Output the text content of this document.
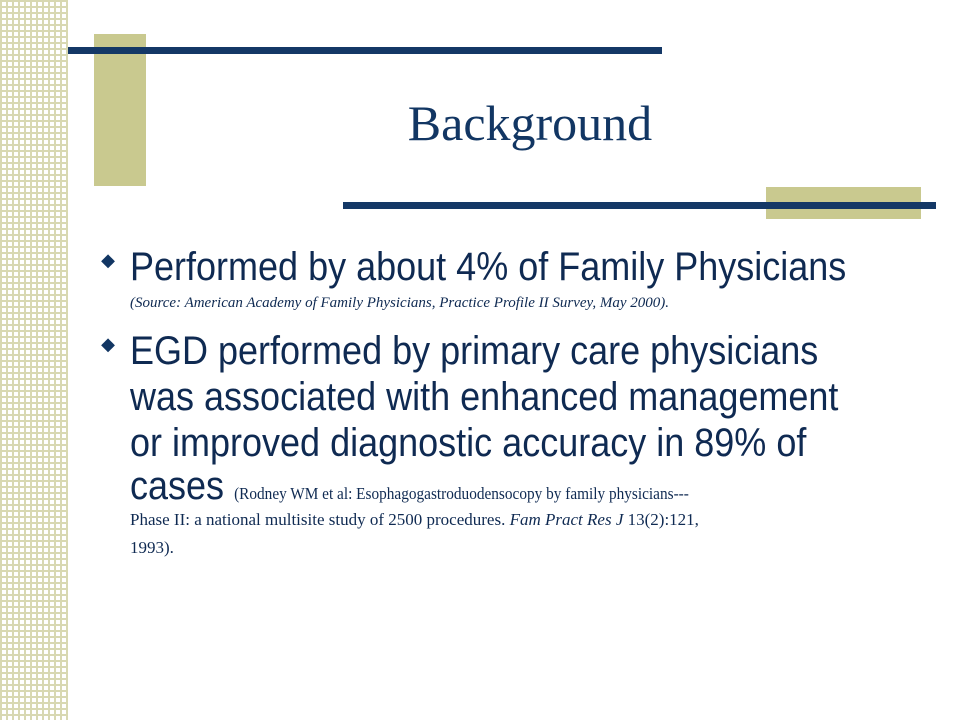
Background
◆ Performed by about 4% of Family Physicians
(Source: American Academy of Family Physicians, Practice Profile II Survey, May 2000).
◆ EGD performed by primary care physicians
was associated with enhanced management
or improved diagnostic accuracy in 89% of
cases (Rodney WM et al: Esophagogastroduodensocopy by family physicians---
Phase II: a national multisite study of 2500 procedures. Fam Pract Res J 13(2):121,
1993).
